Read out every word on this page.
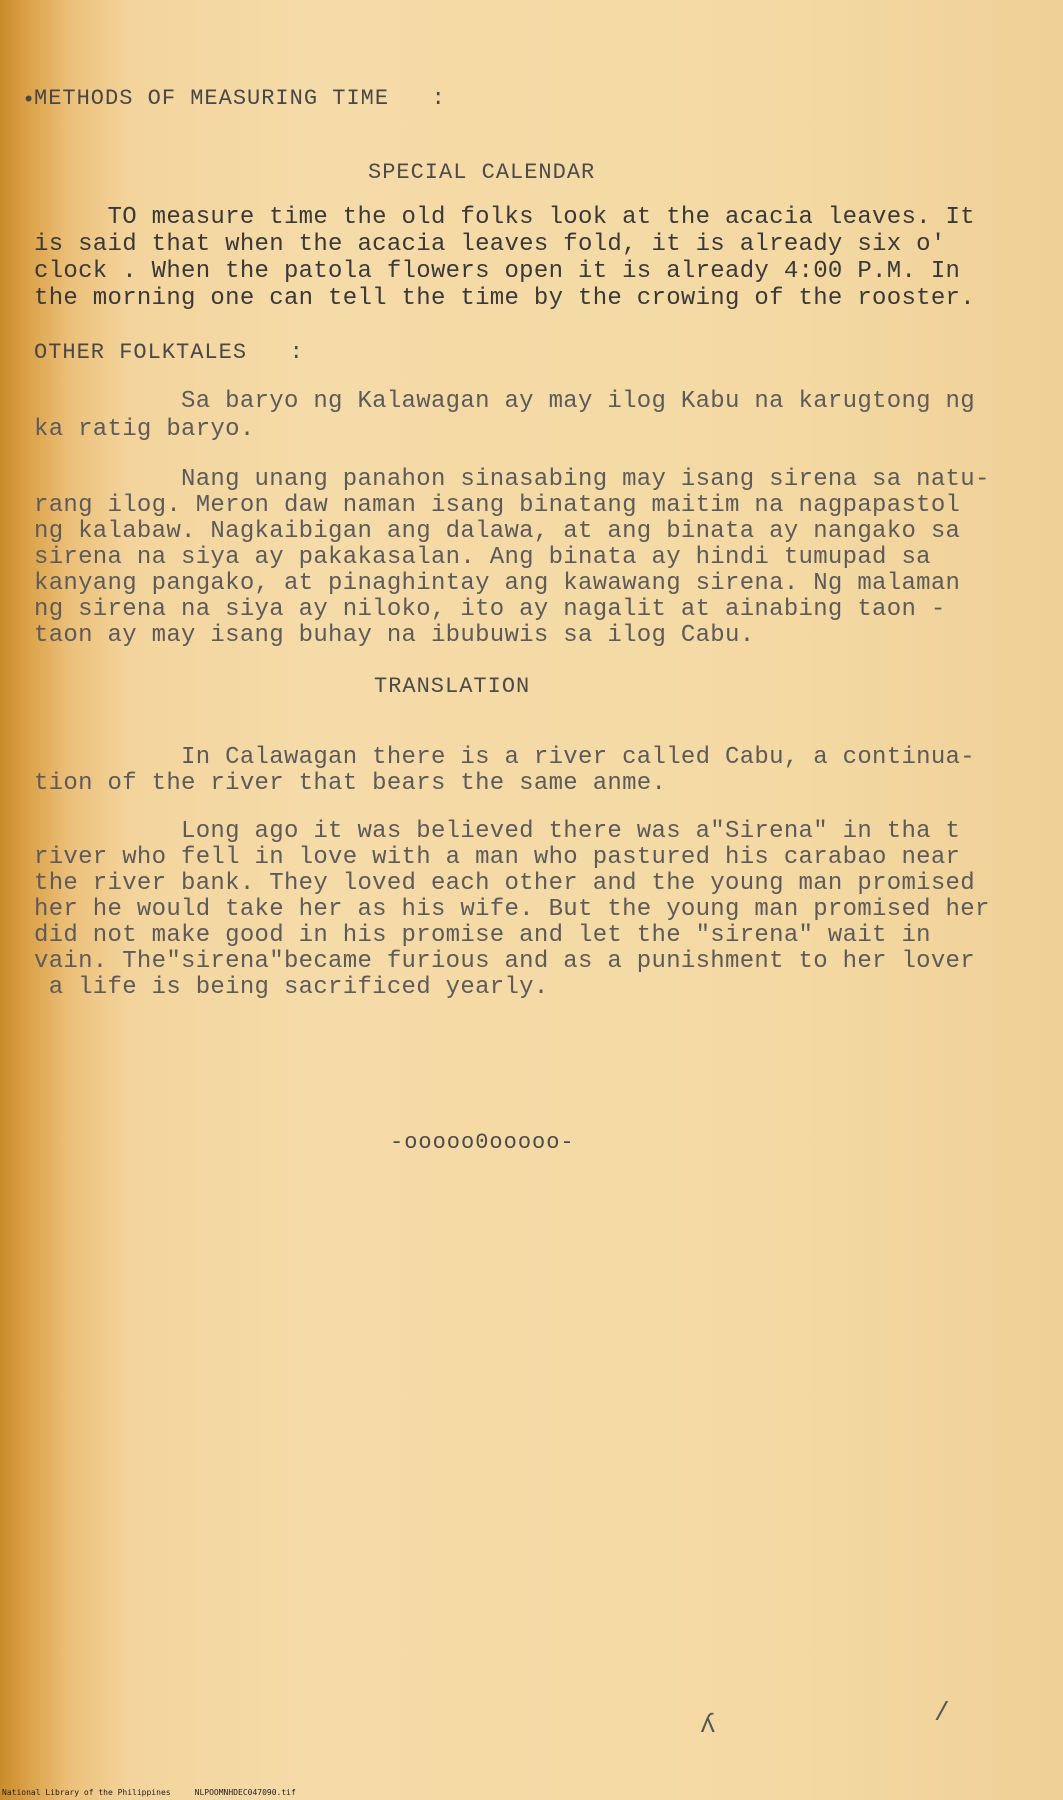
•
METHODS OF MEASURING TIME   :
SPECIAL CALENDAR
TO measure time the old folks look at the acacia leaves. It
is said that when the acacia leaves fold, it is already six o'
clock . When the patola flowers open it is already 4:00 P.M. In
the morning one can tell the time by the crowing of the rooster.
OTHER FOLKTALES   :
Sa baryo ng Kalawagan ay may ilog Kabu na karugtong ng
ka ratig baryo.
Nang unang panahon sinasabing may isang sirena sa natu-
rang ilog. Meron daw naman isang binatang maitim na nagpapastol
ng kalabaw. Nagkaibigan ang dalawa, at ang binata ay nangako sa
sirena na siya ay pakakasalan. Ang binata ay hindi tumupad sa
kanyang pangako, at pinaghintay ang kawawang sirena. Ng malaman
ng sirena na siya ay niloko, ito ay nagalit at ainabing taon -
taon ay may isang buhay na ibubuwis sa ilog Cabu.
TRANSLATION
In Calawagan there is a river called Cabu, a continua-
tion of the river that bears the same anme.
Long ago it was believed there was a"Sirena" in tha t
river who fell in love with a man who pastured his carabao near
the river bank. They loved each other and the young man promised
her he would take her as his wife. But the young man promised her
did not make good in his promise and let the "sirena" wait in
vain. The"sirena"became furious and as a punishment to her lover
a life is being sacrificed yearly.
-ooooo0ooooo-
ʎ	/
National Library of the Philippines     NLPOOMNHDEC047090.tif
